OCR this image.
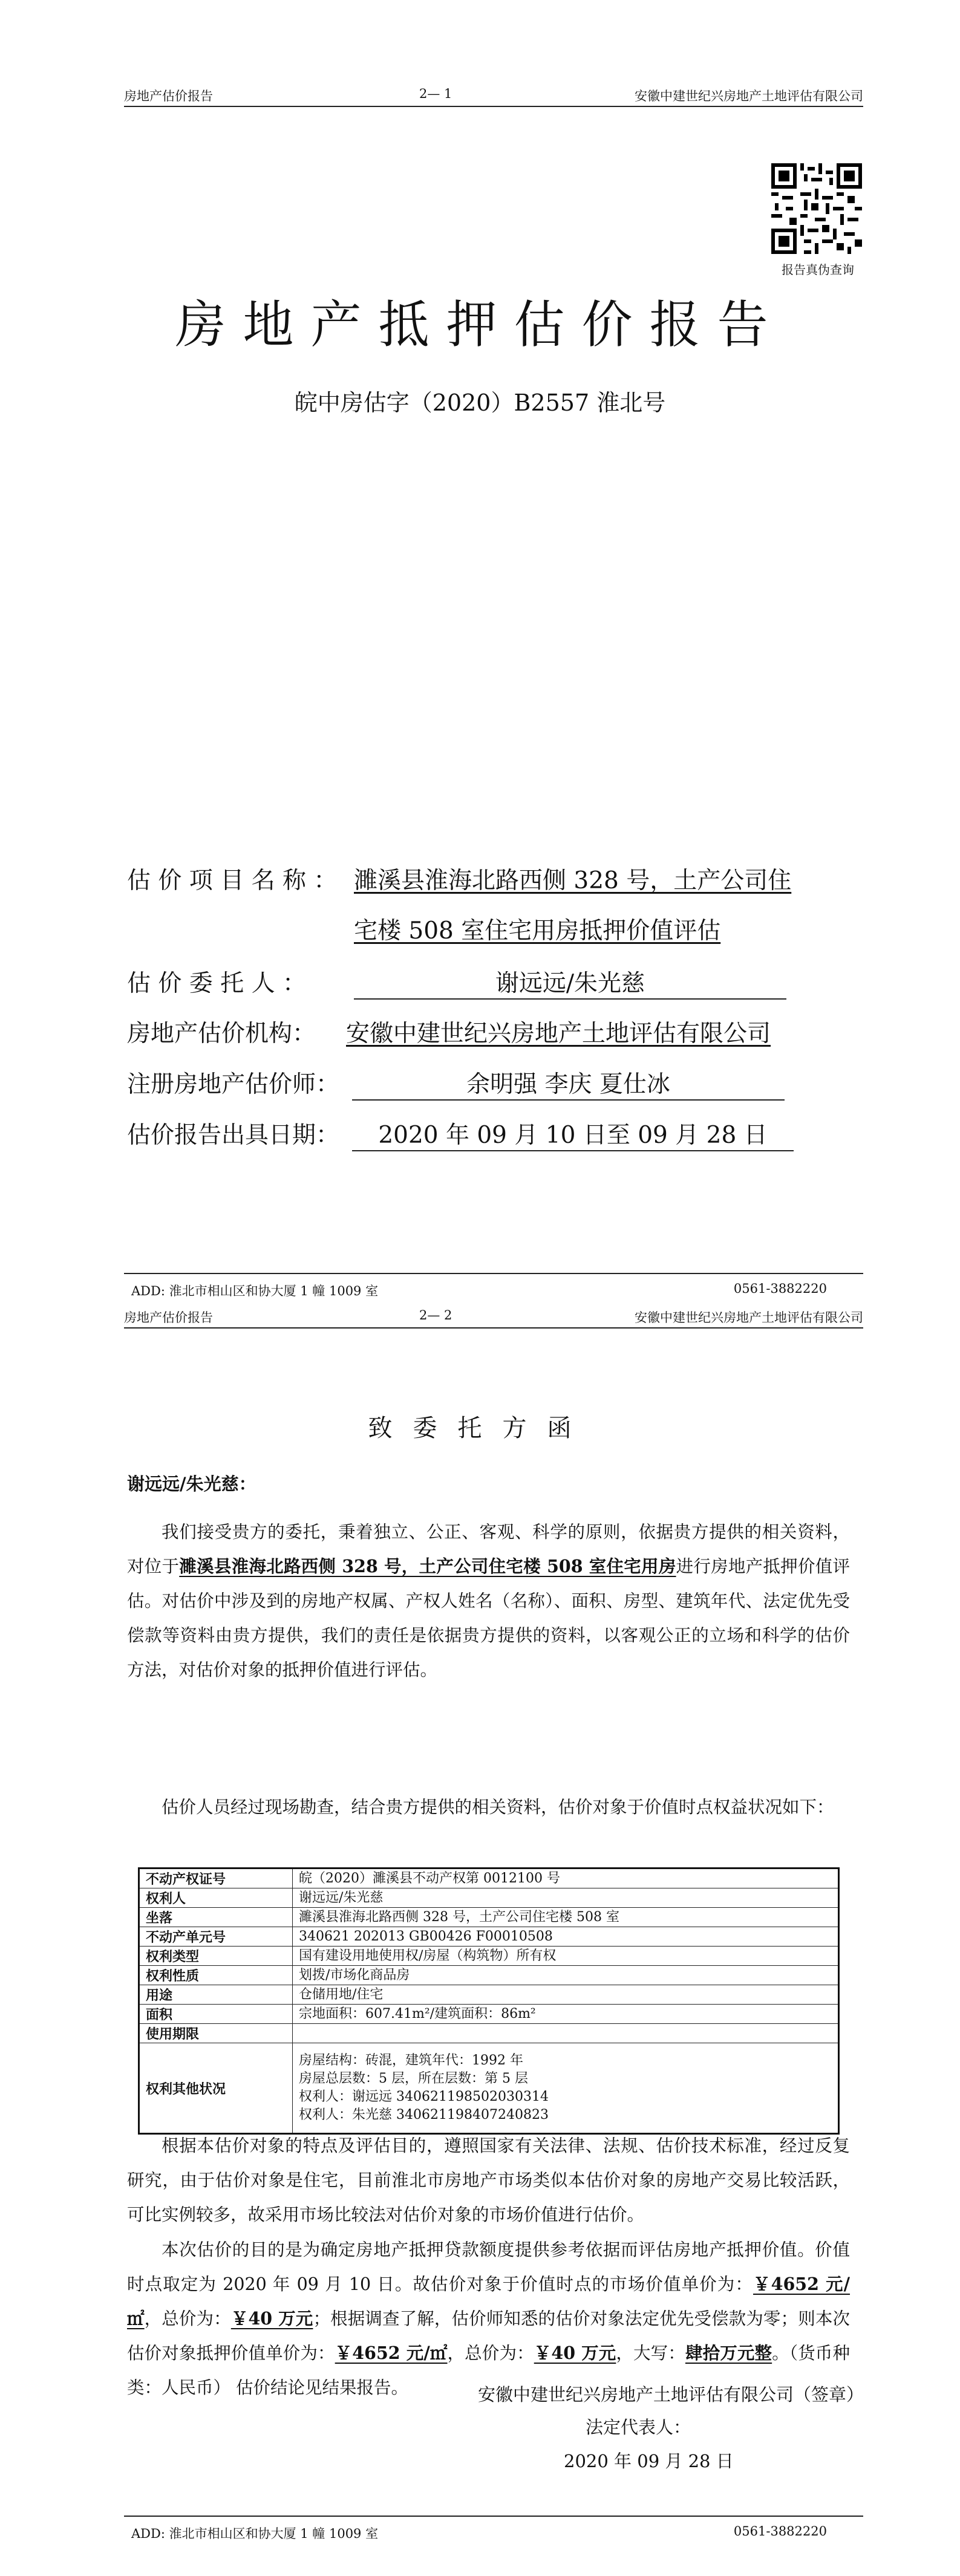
房地产估价报告	2— 1	安徽中建世纪兴房地产土地评估有限公司
报告真伪查询
房地产抵押估价报告
皖中房估字（2020）B2557 淮北号
估 价 项 目 名 称 ： 濉溪县淮海北路西侧 328 号，土产公司住
宅楼 508 室住宅用房抵押价值评估
估 价 委 托 人 ：	谢远远/朱光慈
房地产估价机构： 安徽中建世纪兴房地产土地评估有限公司
注册房地产估价师：	余明强 李庆 夏仕冰
估价报告出具日期：	2020 年 09 月 10 日至 09 月 28 日
ADD: 淮北市相山区和协大厦 1 幢 1009 室	0561-3882220
房地产估价报告	2— 2	安徽中建世纪兴房地产土地评估有限公司
致委托方函
谢远远/朱光慈：

我们接受贵方的委托，秉着独立、公正、客观、科学的原则，依据贵方提供的相关资料，对位于濉溪县淮海北路西侧 328 号，土产公司住宅楼 508 室住宅用房进行房地产抵押价值评估。对估价中涉及到的房地产权属、产权人姓名（名称）、面积、房型、建筑年代、法定优先受偿款等资料由贵方提供，我们的责任是依据贵方提供的资料，以客观公正的立场和科学的估价方法，对估价对象的抵押价值进行评估。

估价人员经过现场勘查，结合贵方提供的相关资料，估价对象于价值时点权益状况如下：

不动产权证号	皖（2020）濉溪县不动产权第 0012100 号
权利人	谢远远/朱光慈
坐落	濉溪县淮海北路西侧 328 号，土产公司住宅楼 508 室
不动产单元号	340621 202013 GB00426 F00010508
权利类型	国有建设用地使用权/房屋（构筑物）所有权
权利性质	划拨/市场化商品房
用途	仓储用地/住宅
面积	宗地面积：607.41m²/建筑面积：86m²
使用期限	
权利其他状况	房屋结构：砖混，建筑年代：1992 年
房屋总层数：5 层，所在层数：第 5 层
权利人：谢远远 340621198502030314
权利人：朱光慈 340621198407240823

根据本估价对象的特点及评估目的，遵照国家有关法律、法规、估价技术标准，经过反复研究，由于估价对象是住宅，目前淮北市房地产市场类似本估价对象的房地产交易比较活跃，可比实例较多，故采用市场比较法对估价对象的市场价值进行估价。

本次估价的目的是为确定房地产抵押贷款额度提供参考依据而评估房地产抵押价值。价值时点取定为 2020 年 09 月 10 日。故估价对象于价值时点的市场价值单价为：￥4652 元/㎡，总价为：￥40 万元；根据调查了解，估价师知悉的估价对象法定优先受偿款为零；则本次估价对象抵押价值单价为：￥4652 元/㎡，总价为：￥40 万元，大写：肆拾万元整。（货币种类：人民币） 估价结论见结果报告。	安徽中建世纪兴房地产土地评估有限公司（签章）
法定代表人：
2020 年 09 月 28 日
ADD: 淮北市相山区和协大厦 1 幢 1009 室	0561-3882220
